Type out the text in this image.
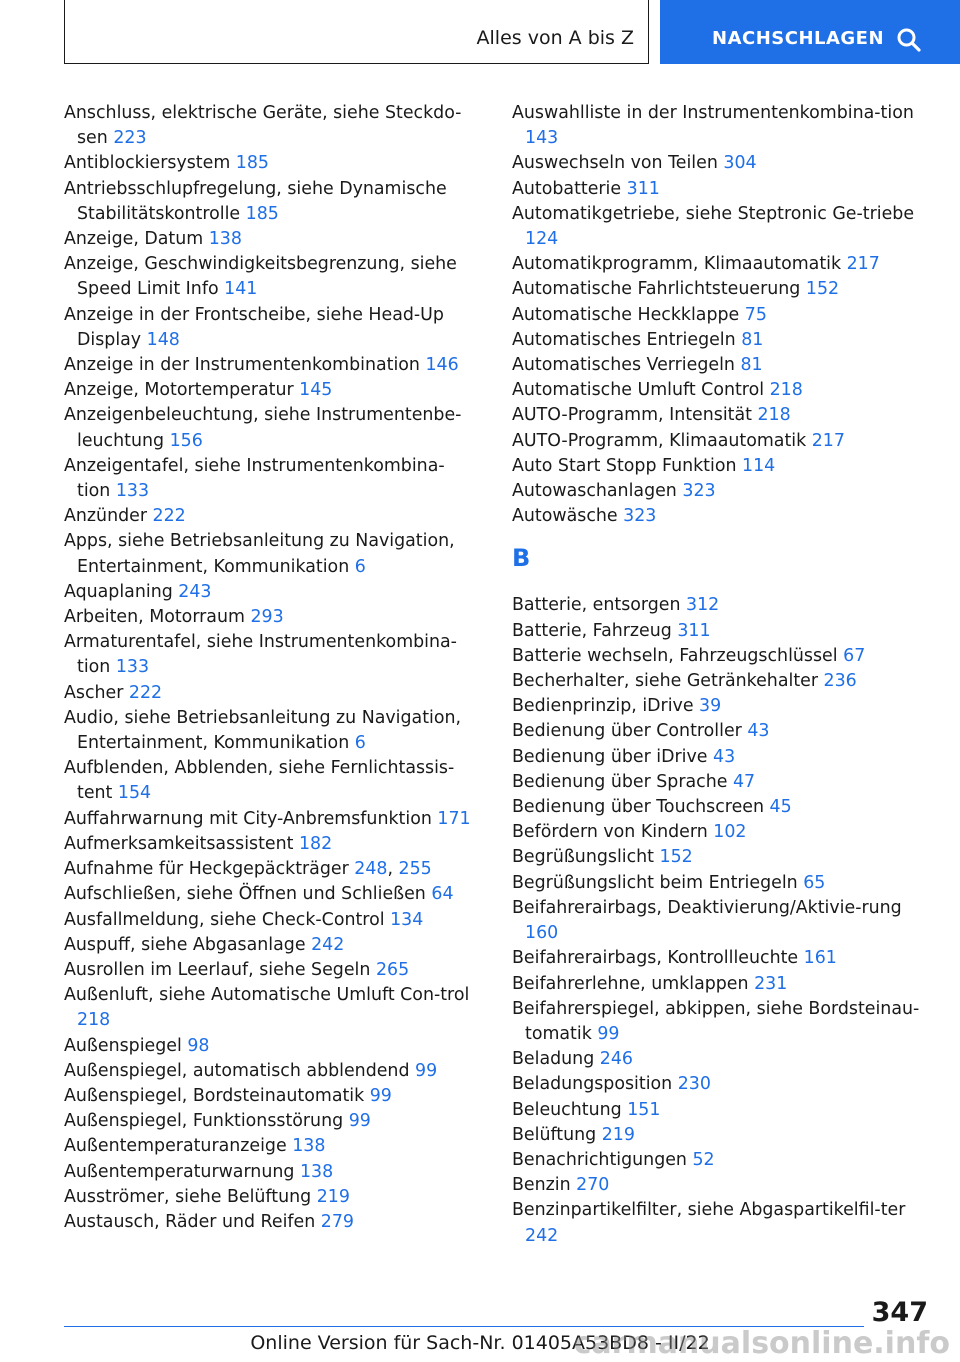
Alles von A bis Z	NACHSCHLAGEN
Anschluss, elektrische Geräte, siehe Steckdo-sen 223
Antiblockiersystem 185
Antriebsschlupfregelung, siehe Dynamische Stabilitätskontrolle 185
Anzeige, Datum 138
Anzeige, Geschwindigkeitsbegrenzung, siehe Speed Limit Info 141
Anzeige in der Frontscheibe, siehe Head-Up Display 148
Anzeige in der Instrumentenkombination 146
Anzeige, Motortemperatur 145
Anzeigenbeleuchtung, siehe Instrumentenbe-leuchtung 156
Anzeigentafel, siehe Instrumentenkombina-tion 133
Anzünder 222
Apps, siehe Betriebsanleitung zu Navigation, Entertainment, Kommunikation 6
Aquaplaning 243
Arbeiten, Motorraum 293
Armaturentafel, siehe Instrumentenkombina-tion 133
Ascher 222
Audio, siehe Betriebsanleitung zu Navigation, Entertainment, Kommunikation 6
Aufblenden, Abblenden, siehe Fernlichtassis-tent 154
Auffahrwarnung mit City-Anbremsfunktion 171
Aufmerksamkeitsassistent 182
Aufnahme für Heckgepäckträger 248, 255
Aufschließen, siehe Öffnen und Schließen 64
Ausfallmeldung, siehe Check-Control 134
Auspuff, siehe Abgasanlage 242
Ausrollen im Leerlauf, siehe Segeln 265
Außenluft, siehe Automatische Umluft Con-trol 218
Außenspiegel 98
Außenspiegel, automatisch abblendend 99
Außenspiegel, Bordsteinautomatik 99
Außenspiegel, Funktionsstörung 99
Außentemperaturanzeige 138
Außentemperaturwarnung 138
Ausströmer, siehe Belüftung 219
Austausch, Räder und Reifen 279
Auswahlliste in der Instrumentenkombina-tion 143
Auswechseln von Teilen 304
Autobatterie 311
Automatikgetriebe, siehe Steptronic Ge-triebe 124
Automatikprogramm, Klimaautomatik 217
Automatische Fahrlichtsteuerung 152
Automatische Heckklappe 75
Automatisches Entriegeln 81
Automatisches Verriegeln 81
Automatische Umluft Control 218
AUTO-Programm, Intensität 218
AUTO-Programm, Klimaautomatik 217
Auto Start Stopp Funktion 114
Autowaschanlagen 323
Autowäsche 323
B
Batterie, entsorgen 312
Batterie, Fahrzeug 311
Batterie wechseln, Fahrzeugschlüssel 67
Becherhalter, siehe Getränkehalter 236
Bedienprinzip, iDrive 39
Bedienung über Controller 43
Bedienung über iDrive 43
Bedienung über Sprache 47
Bedienung über Touchscreen 45
Befördern von Kindern 102
Begrüßungslicht 152
Begrüßungslicht beim Entriegeln 65
Beifahrerairbags, Deaktivierung/Aktivie-rung 160
Beifahrerairbags, Kontrollleuchte 161
Beifahrerlehne, umklappen 231
Beifahrerspiegel, abkippen, siehe Bordsteinau-tomatik 99
Beladung 246
Beladungsposition 230
Beleuchtung 151
Belüftung 219
Benachrichtigungen 52
Benzin 270
Benzinpartikelfilter, siehe Abgaspartikelfil-ter 242
347
Online Version für Sach-Nr. 01405A53BD8 - II/22
carmanualsonline.info
